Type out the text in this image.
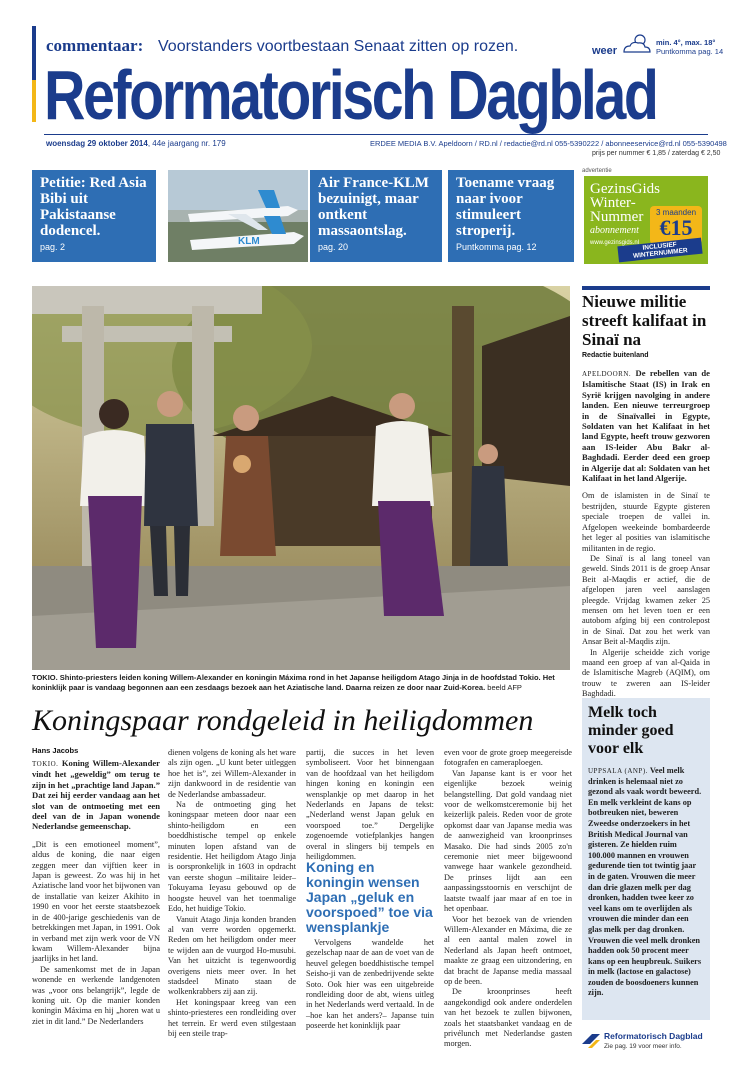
commentaar: Voorstanders voortbestaan Senaat zitten op rozen.	weer
min. 4°, max. 18°
Puntkomma pag. 14
Reformatorisch Dagblad
woensdag 29 oktober 2014, 44e jaargang nr. 179	ERDEE MEDIA B.V. Apeldoorn / RD.nl / redactie@rd.nl 055-5390222 / abonneeservice@rd.nl 055-5390498
prijs per nummer € 1,85 / zaterdag € 2,50
Petitie: Red Asia Bibi uit Pakistaanse dodencel.
pag. 2	KLM
Air France-KLM bezuinigt, maar ontkent massaontslag.
pag. 20
Toename vraag naar ivoor stimuleert stroperij.
Puntkomma pag. 12
advertentie
GezinsGids Winter-Nummer
abonnement
www.gezinsgids.nl
3 maanden
€15
INCLUSIEF WINTERNUMMER
TOKIO. Shinto-priesters leiden koning Willem-Alexander en koningin Máxima rond in het Japanse heiligdom Atago Jinja in de hoofdstad Tokio. Het koninklijk paar is vandaag begonnen aan een zesdaags bezoek aan het Aziatische land. Daarna reizen ze door naar Zuid-Korea. beeld AFP
Nieuwe militie streeft kalifaat in Sinaï na
Redactie buitenland

APELDOORN. De rebellen van de Islamitische Staat (IS) in Irak en Syrië krijgen navolging in andere landen. Een nieuwe terreurgroep in de Sinaïvallei in Egypte, Soldaten van het Kalifaat in het land Egypte, heeft trouw gezworen aan IS-leider Abu Bakr al-Baghdadi. Eerder deed een groep in Algerije dat al: Soldaten van het Kalifaat in het land Algerije.

Om de islamisten in de Sinaï te bestrijden, stuurde Egypte gisteren speciale troepen de vallei in. Afgelopen weekeinde bombardeerde het leger al posities van islamitische militanten in de regio.

De Sinaï is al lang toneel van geweld. Sinds 2011 is de groep Ansar Beit al-Maqdis er actief, die de afgelopen jaren veel aanslagen pleegde. Vrijdag kwamen zeker 25 mensen om het leven toen er een autobom afging bij een controlepost in de Sinaï. Dat zou het werk van Ansar Beit al-Maqdis zijn.

In Algerije scheidde zich vorige maand een groep af van al-Qaida in de Islamitische Magreb (AQIM), om trouw te zweren aan IS-leider Baghdadi.

Koningspaar rondgeleid in heiligdommen
Hans Jacobs

TOKIO. Koning Willem-Alexander vindt het „geweldig” om terug te zijn in het „prachtige land Japan.” Dat zei hij eerder vandaag aan het slot van de ontmoeting met een deel van de in Japan wonende Nederlandse gemeenschap.

„Dit is een emotioneel moment”, aldus de koning, die naar eigen zeggen meer dan vijftien keer in Japan is geweest. Zo was hij in het Aziatische land voor het bijwonen van de installatie van keizer Akihito in 1990 en voor het eerste staatsbezoek in de 400-jarige geschiedenis van de betrekkingen met Japan, in 1991. Ook in verband met zijn werk voor de VN kwam Willem-Alexander bijna jaarlijks in het land.

De samenkomst met de in Japan wonende en werkende landgenoten was „voor ons belangrijk”, legde de koning uit. Op die manier konden koningin Máxima en hij „horen wat u ziet in dit land.” De Nederlanders

dienen volgens de koning als het ware als zijn ogen. „U kunt beter uitleggen hoe het is”, zei Willem-Alexander in zijn dankwoord in de residentie van de Nederlandse ambassadeur.

Na de ontmoeting ging het koningspaar meteen door naar een shinto-heiligdom en een boeddhistische tempel op enkele minuten lopen afstand van de residentie. Het heiligdom Atago Jinja is oorspronkelijk in 1603 in opdracht van eerste shogun –militaire leider– Tokuyama Ieyasu gebouwd op de hoogste heuvel van het toenmalige Edo, het huidige Tokio.

Vanuit Atago Jinja konden branden al van verre worden opgemerkt. Reden om het heiligdom onder meer te wijden aan de vuurgod Ho-musubi. Van het uitzicht is tegenwoordig overigens niets meer over. In het stadsdeel Minato staan de wolkenkrabbers zij aan zij.

Het koningspaar kreeg van een shinto-priesteres een rondleiding over het terrein. Er werd even stilgestaan bij een steile trap-

partij, die succes in het leven symboliseert. Voor het binnengaan van de hoofdzaal van het heiligdom hingen koning en koningin een wensplankje op met daarop in het Nederlands en Japans de tekst: „Nederland wenst Japan geluk en voorspoed toe.” Dergelijke zogenoemde votiefplankjes hangen overal in slingers bij tempels en heiligdommen.

Koning en koningin wensen Japan „geluk en voorspoed” toe via wensplankje

Vervolgens wandelde het gezelschap naar de aan de voet van de heuvel gelegen boeddhistische tempel Seisho-ji van de zenbedrijvende sekte Soto. Ook hier was een uitgebreide rondleiding door de abt, wiens uitleg in het Nederlands werd vertaald. In de –hoe kan het anders?– Japanse tuin poseerde het koninklijk paar

even voor de grote groep meegereisde fotografen en cameraploegen.

Van Japanse kant is er voor het eigenlijke bezoek weinig belangstelling. Dat gold vandaag niet voor de welkomstceremonie bij het keizerlijk paleis. Reden voor de grote opkomst daar van Japanse media was de aanwezigheid van kroonprinses Masako. Die had sinds 2005 zo'n ceremonie niet meer bijgewoond vanwege haar wankele gezondheid. De prinses lijdt aan een aanpassingsstoornis en verschijnt de laatste twaalf jaar maar af en toe in het openbaar.

Voor het bezoek van de vrienden Willem-Alexander en Máxima, die ze al een aantal malen zowel in Nederland als Japan heeft ontmoet, maakte ze graag een uitzondering, en dat bracht de Japanse media massaal op de been.

De kroonprinses heeft aangekondigd ook andere onderdelen van het bezoek te zullen bijwonen, zoals het staatsbanket vandaag en de privélunch met Nederlandse gasten morgen.

Melk toch minder goed voor elk
UPPSALA (ANP). Veel melk drinken is helemaal niet zo gezond als vaak wordt beweerd. En melk verkleint de kans op botbreuken niet, beweren Zweedse onderzoekers in het British Medical Journal van gisteren. Ze hielden ruim 100.000 mannen en vrouwen gedurende tien tot twintig jaar in de gaten. Vrouwen die meer dan drie glazen melk per dag dronken, hadden twee keer zo veel kans om te overlijden als vrouwen die minder dan een glas melk per dag dronken. Vrouwen die veel melk dronken hadden ook 50 procent meer kans op een heupbreuk. Suikers in melk (lactose en galactose) zouden de boosdoeners kunnen zijn.
Reformatorisch Dagblad
Zie pag. 19 voor meer info.
